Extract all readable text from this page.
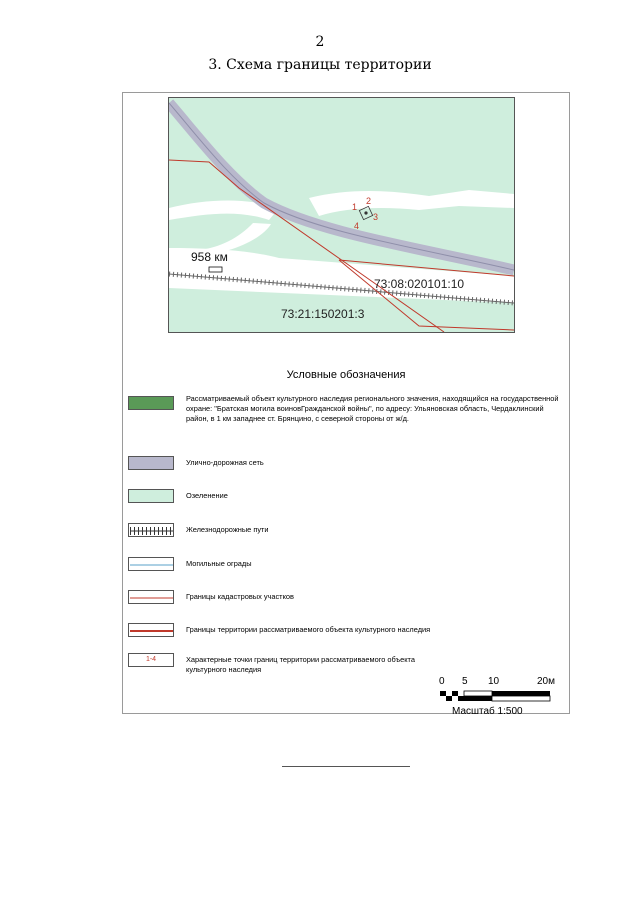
2
3. Схема границы территории
1
2
3
4
958 км
73:08:020101:10
73:21:150201:3
Условные обозначения
Рассматриваемый объект культурного наследия регионального значения, находящийся на государственной охране: "Братская могила воиновГражданской войны", по адресу: Ульяновская область, Чердаклинский район, в 1 км западнее ст. Брянцино, с северной стороны от ж/д.
Улично-дорожная сеть
Озеленение
Железнодорожные пути
Могильные ограды
Границы кадастровых участков
Границы территории рассматриваемого объекта культурного наследия
1-4	Характерные точки границ территории рассматриваемого объекта культурного наследия
0 5 10	20м
Масштаб 1:500
